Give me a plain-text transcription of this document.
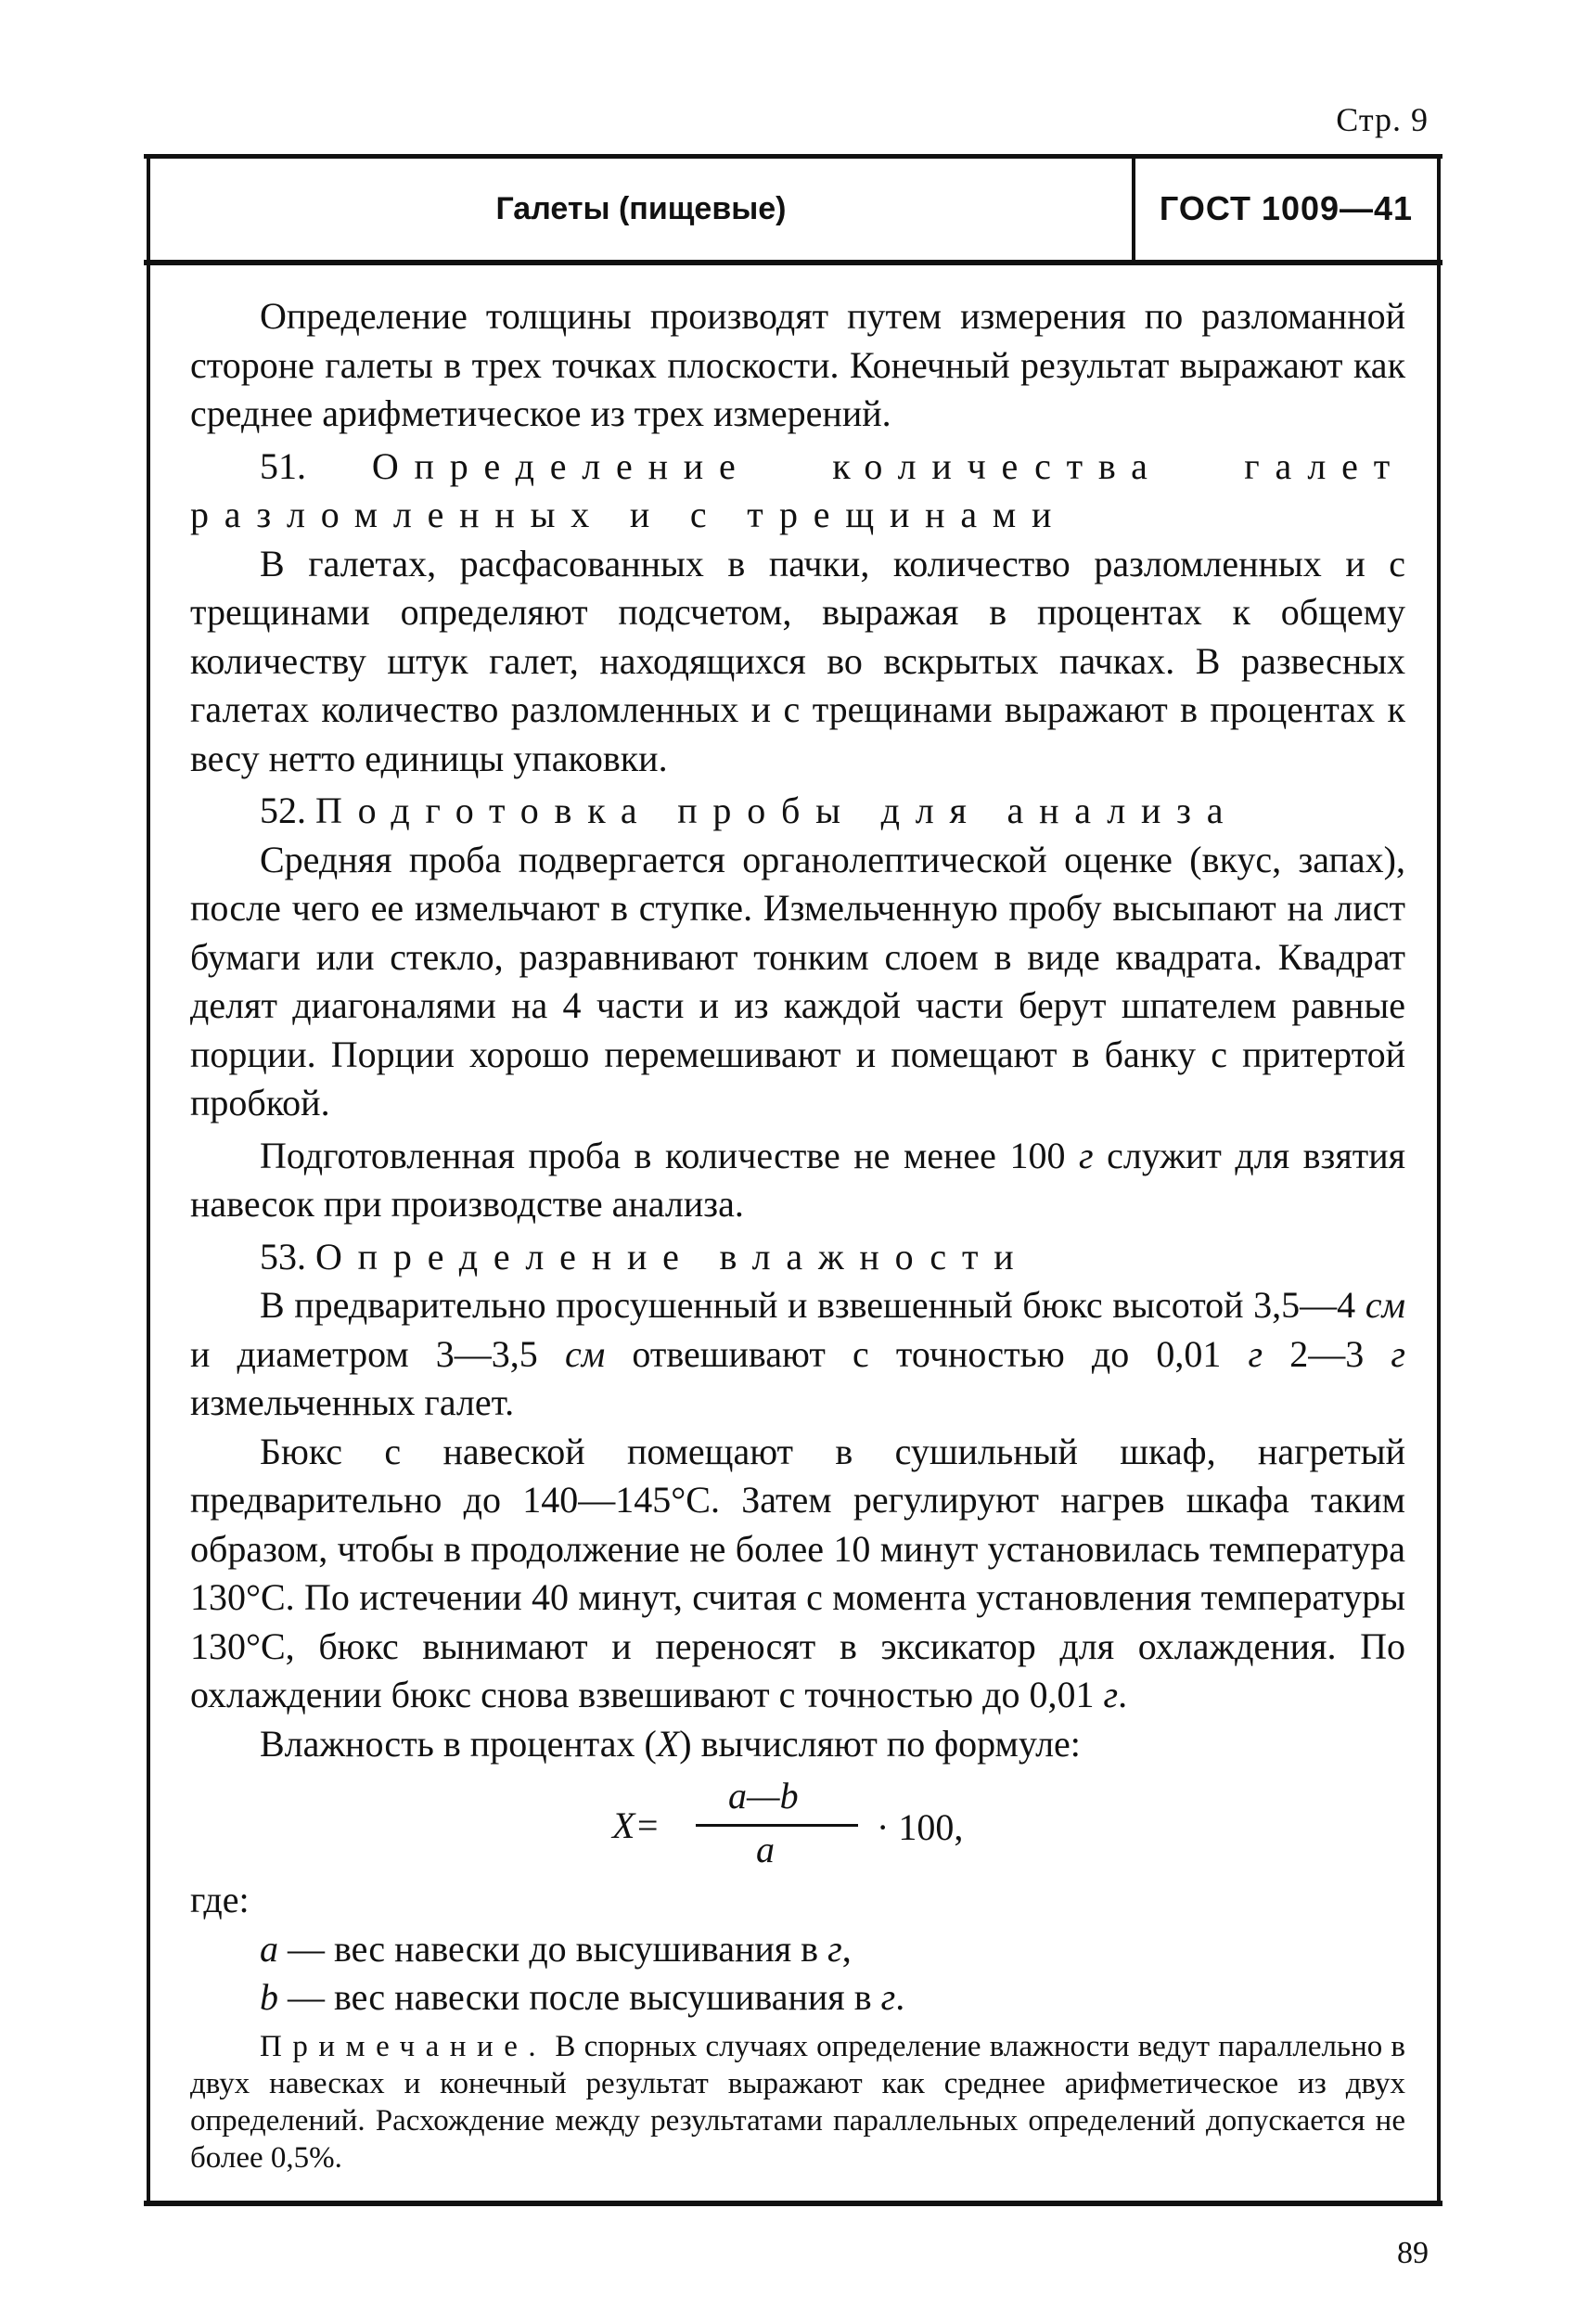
Стр. 9
Галеты (пищевые)	ГОСТ 1009—41

Определение толщины производят путем измерения по разломанной стороне галеты в трех точках плоскости. Конечный результат выражают как среднее арифметическое из трех измерений.

51. Определение количества галет разломленных и с трещинами

В галетах, расфасованных в пачки, количество разломленных и с трещинами определяют подсчетом, выражая в процентах к общему количеству штук галет, находящихся во вскрытых пачках. В развесных галетах количество разломленных и с трещинами выражают в процентах к весу нетто единицы упаковки.

52. Подготовка пробы для анализа

Средняя проба подвергается органолептической оценке (вкус, запах), после чего ее измельчают в ступке. Измельченную пробу высыпают на лист бумаги или стекло, разравнивают тонким слоем в виде квадрата. Квадрат делят диагоналями на 4 части и из каждой части берут шпателем равные порции. Порции хорошо перемешивают и помещают в банку с притертой пробкой.

Подготовленная проба в количестве не менее 100 г служит для взятия навесок при производстве анализа.

53. Определение влажности

В предварительно просушенный и взвешенный бюкс высотой 3,5—4 см и диаметром 3—3,5 см отвешивают с точностью до 0,01 г 2—3 г измельченных галет.

Бюкс с навеской помещают в сушильный шкаф, нагретый предварительно до 140—145°С. Затем регулируют нагрев шкафа таким образом, чтобы в продолжение не более 10 минут установилась температура 130°С. По истечении 40 минут, считая с момента установления температуры 130°С, бюкс вынимают и переносят в эксикатор для охлаждения. По охлаждении бюкс снова взвешивают с точностью до 0,01 г.

Влажность в процентах (X) вычисляют по формуле:

X=
a—b
a
· 100,

где:

a — вес навески до высушивания в г,

b — вес навески после высушивания в г.

Примечание. В спорных случаях определение влажности ведут параллельно в двух навесках и конечный результат выражают как среднее арифметическое из двух определений. Расхождение между результатами параллельных определений допускается не более 0,5%.

89
